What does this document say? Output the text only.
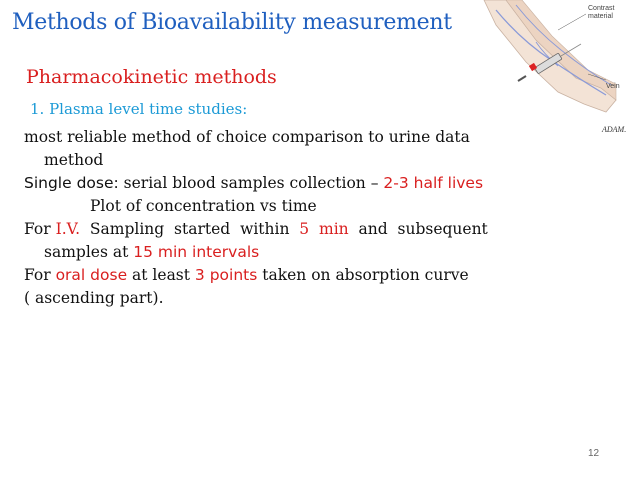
Methods of Bioavailability measurement
Contrast
material
Vein
ADAM.
Pharmacokinetic methods
1. Plasma level time studies:
most reliable method of choice comparison to urine data
method
Single dose: serial blood samples collection – 2-3 half lives
Plot of concentration vs time
For I.V.  Sampling  started  within  5  min  and  subsequent
samples at 15 min intervals
For oral dose at least 3 points taken on absorption curve
( ascending part).
12
